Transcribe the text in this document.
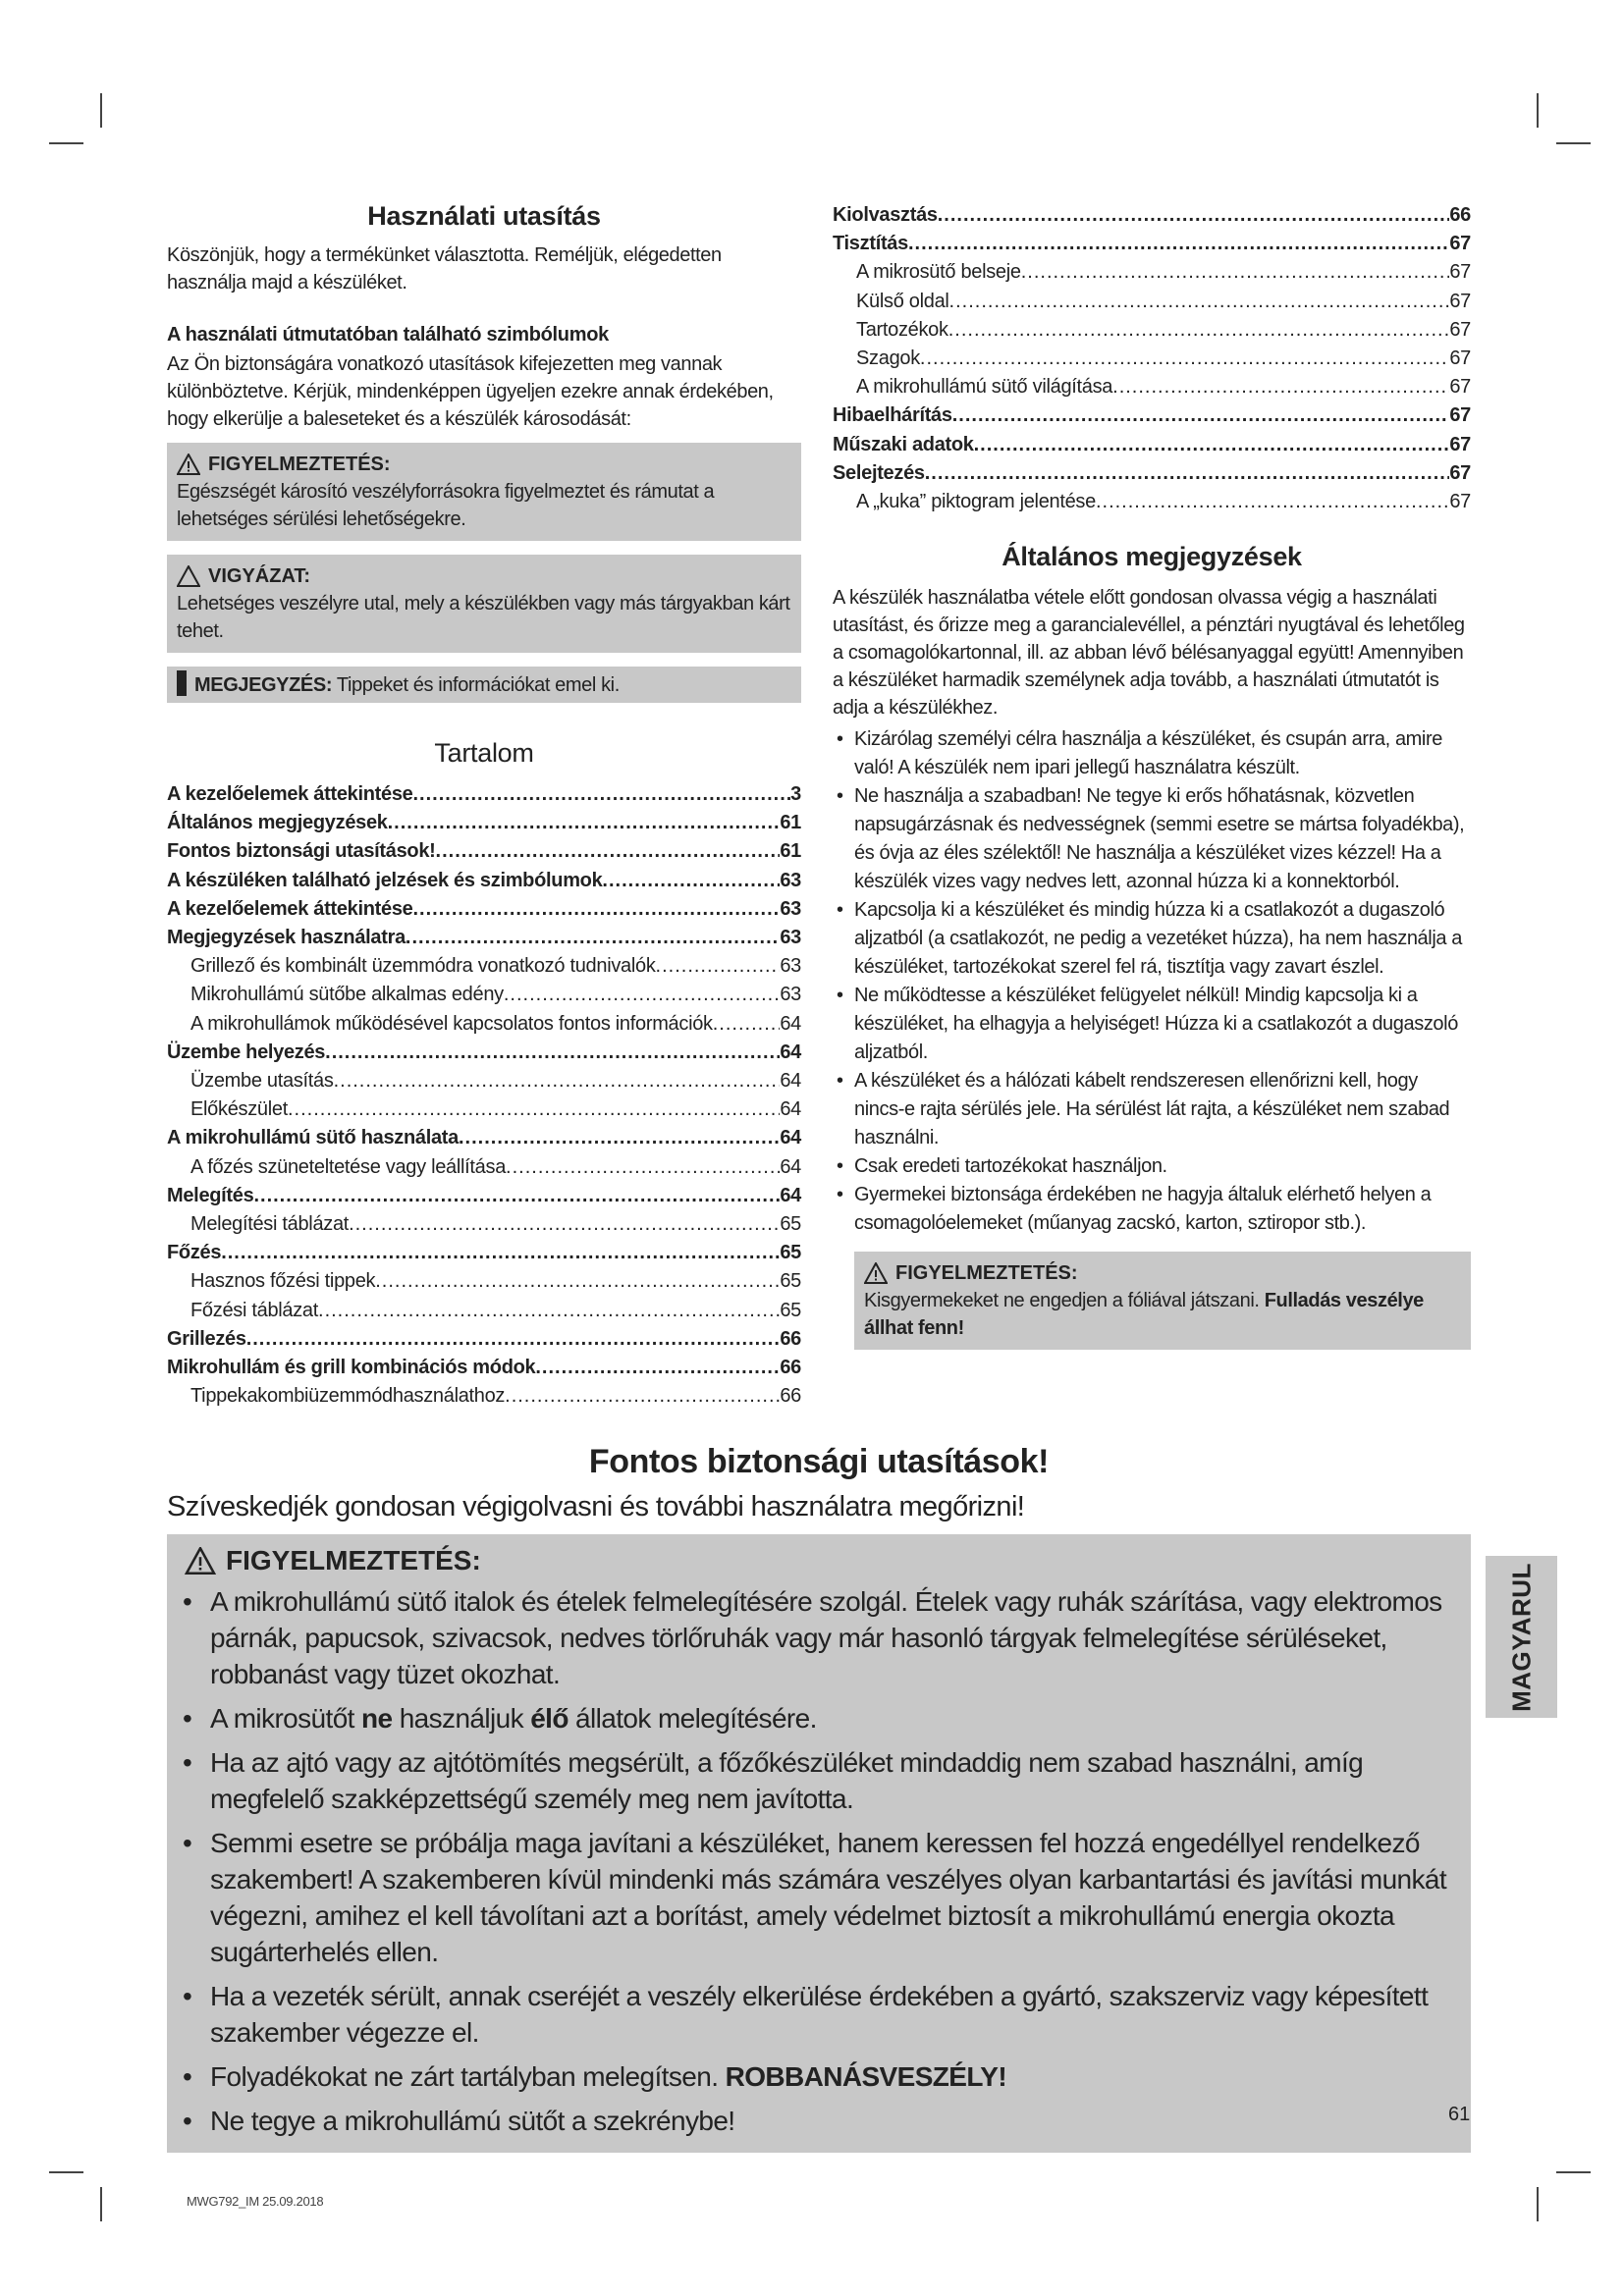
Használati utasítás

Köszönjük, hogy a termékünket választotta. Reméljük, elégedetten használja majd a készüléket.

A használati útmutatóban található szimbólumok

Az Ön biztonságára vonatkozó utasítások kifejezetten meg vannak különböztetve. Kérjük, mindenképpen ügyeljen ezekre annak érdekében, hogy elkerülje a baleseteket és a készülék károsodását:

FIGYELMEZTETÉS:
Egészségét károsító veszélyforrásokra figyelmeztet és rámutat a lehetséges sérülési lehetőségekre.
VIGYÁZAT:
Lehetséges veszélyre utal, mely a készülékben vagy más tárgyakban kárt tehet.
MEGJEGYZÉS: Tippeket és információkat emel ki.
Tartalom
A kezelőelemek áttekintése .....	3
Általános megjegyzések .....	61
Fontos biztonsági utasítások! .....	61
A készüléken található jelzések és szimbólumok .....	63
A kezelőelemek áttekintése .....	63
Megjegyzések használatra .....	63
Grillező és kombinált üzemmódra vonatkozó tudnivalók .....	63
Mikrohullámú sütőbe alkalmas edény .....	63
A mikrohullámok működésével kapcsolatos fontos információk .....	64
Üzembe helyezés .....	64
Üzembe utasítás .....	64
Előkészület .....	64
A mikrohullámú sütő használata .....	64
A főzés szüneteltetése vagy leállítása .....	64
Melegítés .....	64
Melegítési táblázat .....	65
Főzés .....	65
Hasznos főzési tippek .....	65
Főzési táblázat .....	65
Grillezés .....	66
Mikrohullám és grill kombinációs módok .....	66
Tippekakombiüzemmódhasználathoz .....	66
Kiolvasztás .....	66
Tisztítás .....	67
A mikrosütő belseje .....	67
Külső oldal .....	67
Tartozékok .....	67
Szagok .....	67
A mikrohullámú sütő világítása .....	67
Hibaelhárítás .....	67
Műszaki adatok .....	67
Selejtezés .....	67
A „kuka” piktogram jelentése .....	67
Általános megjegyzések

A készülék használatba vétele előtt gondosan olvassa végig a használati utasítást, és őrizze meg a garancialevéllel, a pénztári nyugtával és lehetőleg a csomagolókartonnal, ill. az abban lévő bélésanyaggal együtt! Amennyiben a készüléket harmadik személynek adja tovább, a használati útmutatót is adja a készülékhez.

• Kizárólag személyi célra használja a készüléket, és csupán arra, amire való! A készülék nem ipari jellegű használatra készült.
• Ne használja a szabadban! Ne tegye ki erős hőhatásnak, közvetlen napsugárzásnak és nedvességnek (semmi esetre se mártsa folyadékba), és óvja az éles szélektől! Ne használja a készüléket vizes kézzel! Ha a készülék vizes vagy nedves lett, azonnal húzza ki a konnektorból.
• Kapcsolja ki a készüléket és mindig húzza ki a csatlakozót a dugaszoló aljzatból (a csatlakozót, ne pedig a vezetéket húzza), ha nem használja a készüléket, tartozékokat szerel fel rá, tisztítja vagy zavart észlel.
• Ne működtesse a készüléket felügyelet nélkül! Mindig kapcsolja ki a készüléket, ha elhagyja a helyiséget! Húzza ki a csatlakozót a dugaszoló aljzatból.
• A készüléket és a hálózati kábelt rendszeresen ellenőrizni kell, hogy nincs-e rajta sérülés jele. Ha sérülést lát rajta, a készüléket nem szabad használni.
• Csak eredeti tartozékokat használjon.
• Gyermekei biztonsága érdekében ne hagyja általuk elérhető helyen a csomagolóelemeket (műanyag zacskó, karton, sztiropor stb.).
FIGYELMEZTETÉS:
Kisgyermekeket ne engedjen a fóliával játszani. Fulladás veszélye állhat fenn!
Fontos biztonsági utasítások!
Szíveskedjék gondosan végigolvasni és további használatra megőrizni!
FIGYELMEZTETÉS:
• A mikrohullámú sütő italok és ételek felmelegítésére szolgál. Ételek vagy ruhák szárítása, vagy elektromos párnák, papucsok, szivacsok, nedves törlőruhák vagy már hasonló tárgyak felmelegítése sérüléseket, robbanást vagy tüzet okozhat.
• A mikrosütőt ne használjuk élő állatok melegítésére.
• Ha az ajtó vagy az ajtótömítés megsérült, a főzőkészüléket mindaddig nem szabad használni, amíg megfelelő szakképzettségű személy meg nem javította.
• Semmi esetre se próbálja maga javítani a készüléket, hanem keressen fel hozzá engedéllyel rendelkező szakembert! A szakemberen kívül mindenki más számára veszélyes olyan karbantartási és javítási munkát végezni, amihez el kell távolítani azt a borítást, amely védelmet biztosít a mikrohullámú energia okozta sugárterhelés ellen.
• Ha a vezeték sérült, annak cseréjét a veszély elkerülése érdekében a gyártó, szakszerviz vagy képesített szakember végezze el.
• Folyadékokat ne zárt tartályban melegítsen. ROBBANÁSVESZÉLY!
• Ne tegye a mikrohullámú sütőt a szekrénybe!
MAGYARUL
61
MWG792_IM 25.09.2018
